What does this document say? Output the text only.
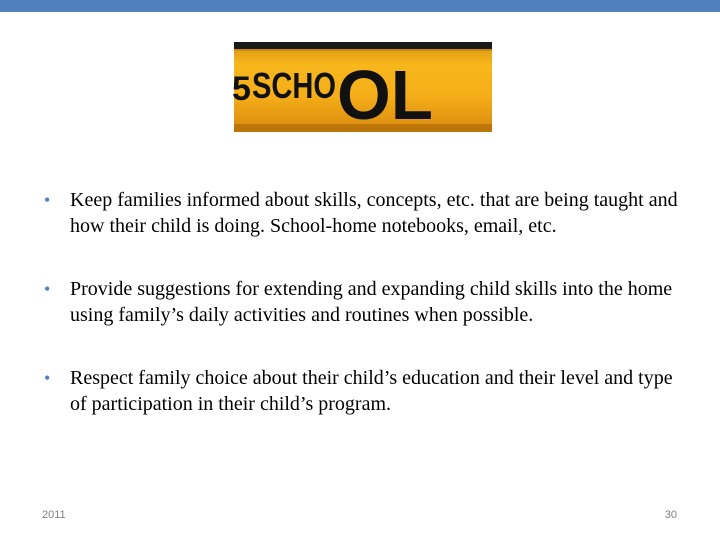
5 SCHO OL
• Keep families informed about skills, concepts, etc. that are being taught and how their child is doing. School-home notebooks, email, etc.
• Provide suggestions for extending and expanding child skills into the home using family’s daily activities and routines when possible.
• Respect family choice about their child’s education and their level and type of participation in their child’s program.
2011	30
